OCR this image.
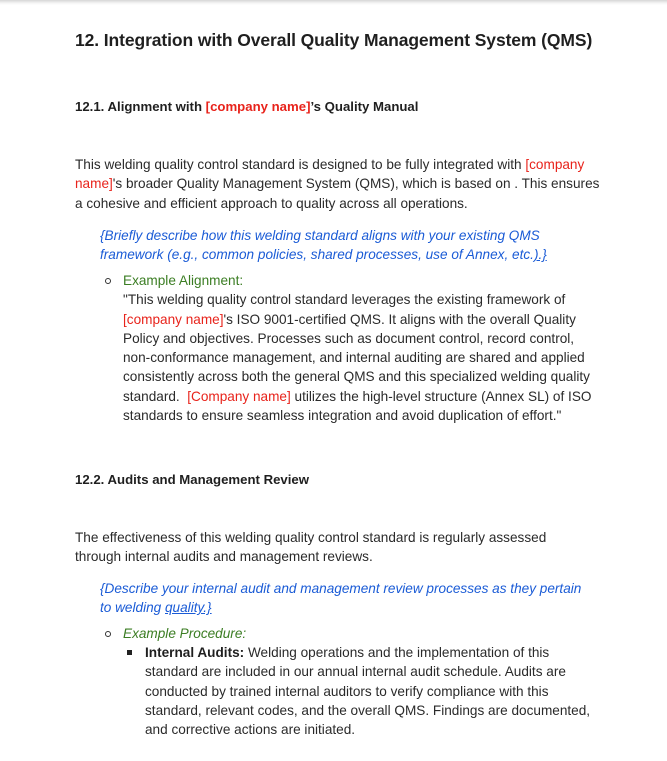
12. Integration with Overall Quality Management System (QMS)
12.1. Alignment with [company name]’s Quality Manual
This welding quality control standard is designed to be fully integrated with [company
name]'s broader Quality Management System (QMS), which is based on . This ensures
a cohesive and efficient approach to quality across all operations.
{Briefly describe how this welding standard aligns with your existing QMS
framework (e.g., common policies, shared processes, use of Annex, etc.).}
Example Alignment:
"This welding quality control standard leverages the existing framework of
[company name]'s ISO 9001-certified QMS. It aligns with the overall Quality
Policy and objectives. Processes such as document control, record control,
non-conformance management, and internal auditing are shared and applied
consistently across both the general QMS and this specialized welding quality
standard.  [Company name] utilizes the high-level structure (Annex SL) of ISO
standards to ensure seamless integration and avoid duplication of effort."
12.2. Audits and Management Review
The effectiveness of this welding quality control standard is regularly assessed
through internal audits and management reviews.
{Describe your internal audit and management review processes as they pertain
to welding quality.}
Example Procedure:
Internal Audits: Welding operations and the implementation of this
standard are included in our annual internal audit schedule. Audits are
conducted by trained internal auditors to verify compliance with this
standard, relevant codes, and the overall QMS. Findings are documented,
and corrective actions are initiated.
